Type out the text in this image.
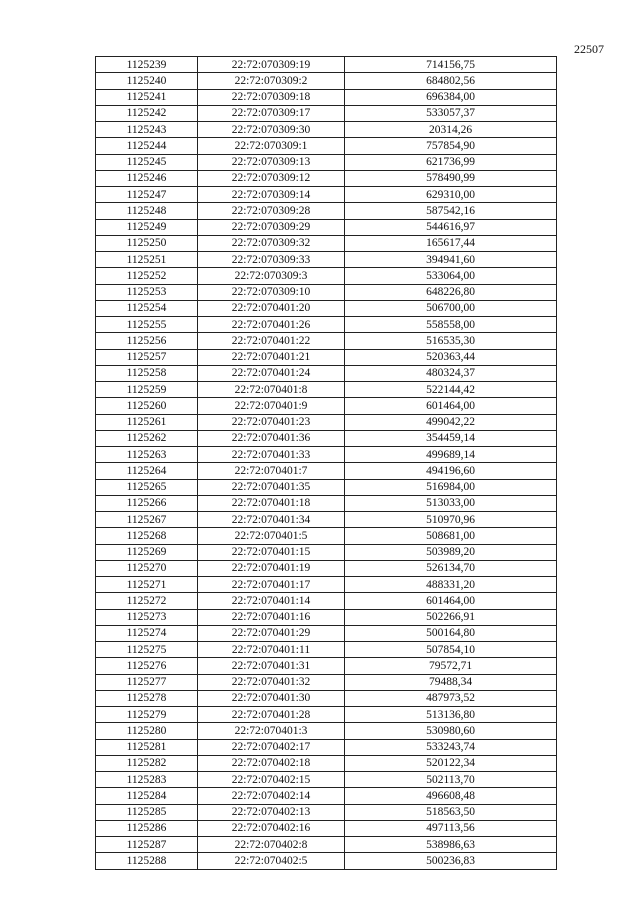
22507
1125239	22:72:070309:19	714156,75
1125240	22:72:070309:2	684802,56
1125241	22:72:070309:18	696384,00
1125242	22:72:070309:17	533057,37
1125243	22:72:070309:30	20314,26
1125244	22:72:070309:1	757854,90
1125245	22:72:070309:13	621736,99
1125246	22:72:070309:12	578490,99
1125247	22:72:070309:14	629310,00
1125248	22:72:070309:28	587542,16
1125249	22:72:070309:29	544616,97
1125250	22:72:070309:32	165617,44
1125251	22:72:070309:33	394941,60
1125252	22:72:070309:3	533064,00
1125253	22:72:070309:10	648226,80
1125254	22:72:070401:20	506700,00
1125255	22:72:070401:26	558558,00
1125256	22:72:070401:22	516535,30
1125257	22:72:070401:21	520363,44
1125258	22:72:070401:24	480324,37
1125259	22:72:070401:8	522144,42
1125260	22:72:070401:9	601464,00
1125261	22:72:070401:23	499042,22
1125262	22:72:070401:36	354459,14
1125263	22:72:070401:33	499689,14
1125264	22:72:070401:7	494196,60
1125265	22:72:070401:35	516984,00
1125266	22:72:070401:18	513033,00
1125267	22:72:070401:34	510970,96
1125268	22:72:070401:5	508681,00
1125269	22:72:070401:15	503989,20
1125270	22:72:070401:19	526134,70
1125271	22:72:070401:17	488331,20
1125272	22:72:070401:14	601464,00
1125273	22:72:070401:16	502266,91
1125274	22:72:070401:29	500164,80
1125275	22:72:070401:11	507854,10
1125276	22:72:070401:31	79572,71
1125277	22:72:070401:32	79488,34
1125278	22:72:070401:30	487973,52
1125279	22:72:070401:28	513136,80
1125280	22:72:070401:3	530980,60
1125281	22:72:070402:17	533243,74
1125282	22:72:070402:18	520122,34
1125283	22:72:070402:15	502113,70
1125284	22:72:070402:14	496608,48
1125285	22:72:070402:13	518563,50
1125286	22:72:070402:16	497113,56
1125287	22:72:070402:8	538986,63
1125288	22:72:070402:5	500236,83
